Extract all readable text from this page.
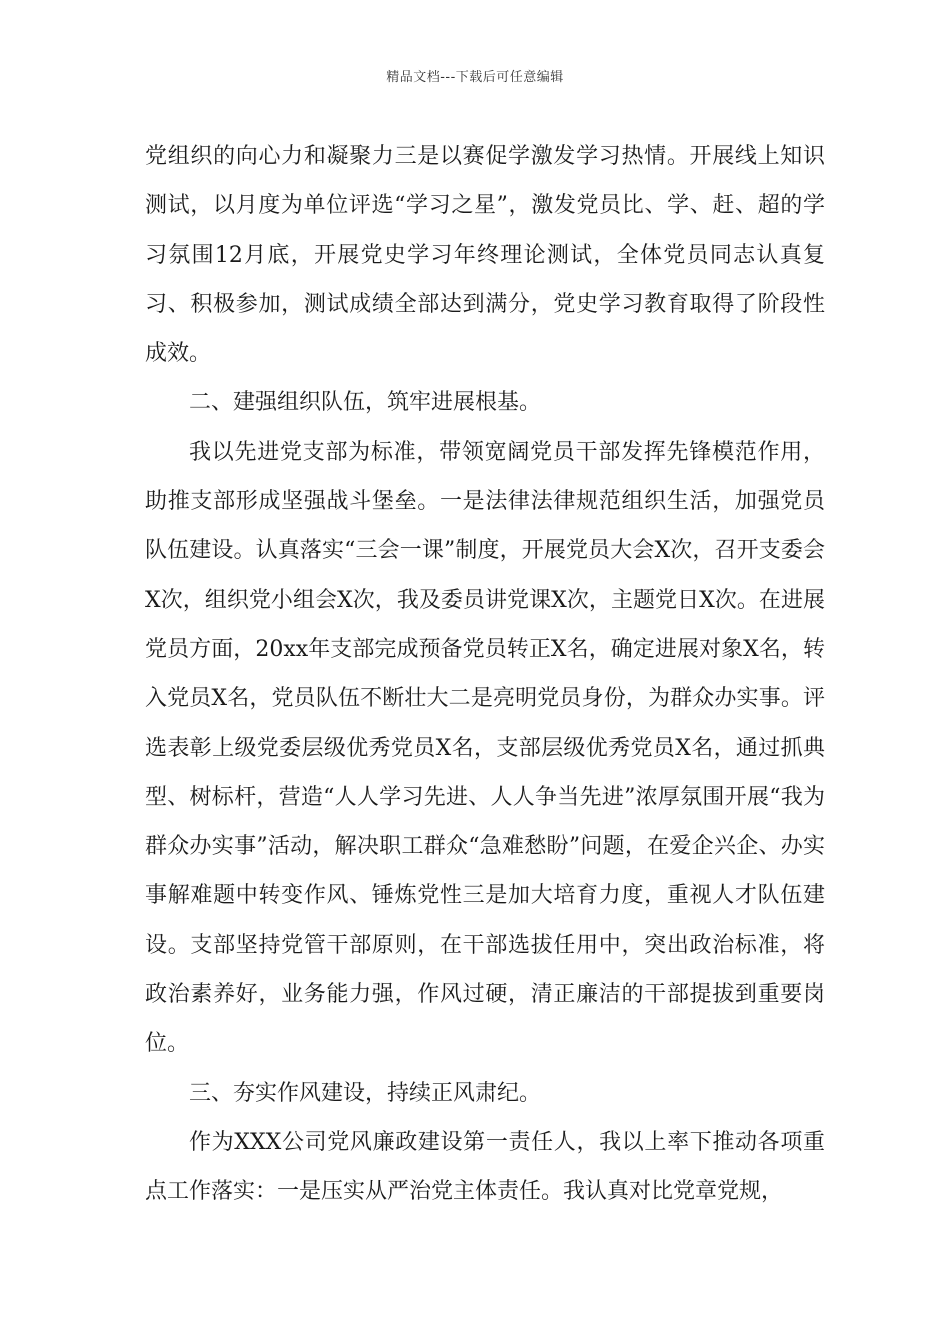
精品文档---下载后可任意编辑

党组织的向心力和凝聚力三是以赛促学激发学习热情。开展线上知识测试，以月度为单位评选“学习之星”，激发党员比、学、赶、超的学习氛围12月底，开展党史学习年终理论测试，全体党员同志认真复习、积极参加，测试成绩全部达到满分，党史学习教育取得了阶段性成效。

二、建强组织队伍，筑牢进展根基。

我以先进党支部为标准，带领宽阔党员干部发挥先锋模范作用，助推支部形成坚强战斗堡垒。一是法律法律规范组织生活，加强党员队伍建设。认真落实“三会一课”制度，开展党员大会X次，召开支委会X次，组织党小组会X次，我及委员讲党课X次，主题党日X次。在进展党员方面，20xx年支部完成预备党员转正X名，确定进展对象X名，转入党员X名，党员队伍不断壮大二是亮明党员身份，为群众办实事。评选表彰上级党委层级优秀党员X名，支部层级优秀党员X名，通过抓典型、树标杆，营造“人人学习先进、人人争当先进”浓厚氛围开展“我为群众办实事”活动，解决职工群众“急难愁盼”问题，在爱企兴企、办实事解难题中转变作风、锤炼党性三是加大培育力度，重视人才队伍建设。支部坚持党管干部原则，在干部选拔任用中，突出政治标准，将政治素养好，业务能力强，作风过硬，清正廉洁的干部提拔到重要岗位。

三、夯实作风建设，持续正风肃纪。

作为XXX公司党风廉政建设第一责任人，我以上率下推动各项重点工作落实：一是压实从严治党主体责任。我认真对比党章党规，
